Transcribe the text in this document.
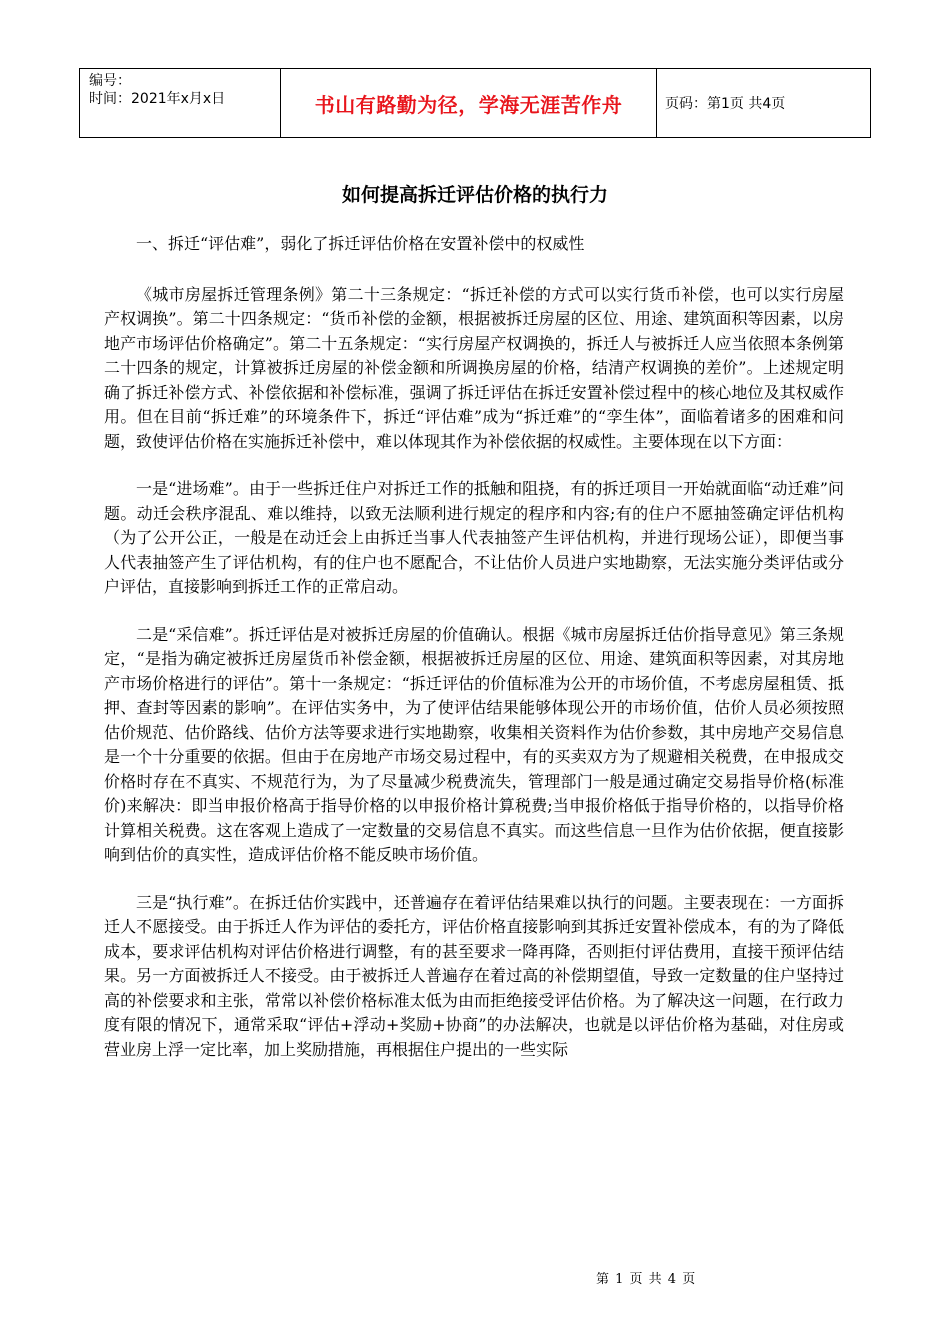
编号：
时间：2021年x月x日	书山有路勤为径，学海无涯苦作舟	页码：第1页 共4页
如何提高拆迁评估价格的执行力

一、拆迁“评估难”，弱化了拆迁评估价格在安置补偿中的权威性

《城市房屋拆迁管理条例》第二十三条规定：“拆迁补偿的方式可以实行货币补偿，也可以实行房屋产权调换”。第二十四条规定：“货币补偿的金额，根据被拆迁房屋的区位、用途、建筑面积等因素，以房地产市场评估价格确定”。第二十五条规定：“实行房屋产权调换的，拆迁人与被拆迁人应当依照本条例第二十四条的规定，计算被拆迁房屋的补偿金额和所调换房屋的价格，结清产权调换的差价”。上述规定明确了拆迁补偿方式、补偿依据和补偿标准，强调了拆迁评估在拆迁安置补偿过程中的核心地位及其权威作用。但在目前“拆迁难”的环境条件下，拆迁“评估难”成为“拆迁难”的“孪生体”，面临着诸多的困难和问题，致使评估价格在实施拆迁补偿中，难以体现其作为补偿依据的权威性。主要体现在以下方面：

一是“进场难”。由于一些拆迁住户对拆迁工作的抵触和阻挠，有的拆迁项目一开始就面临“动迁难”问题。动迁会秩序混乱、难以维持，以致无法顺利进行规定的程序和内容;有的住户不愿抽签确定评估机构（为了公开公正，一般是在动迁会上由拆迁当事人代表抽签产生评估机构，并进行现场公证），即便当事人代表抽签产生了评估机构，有的住户也不愿配合，不让估价人员进户实地勘察，无法实施分类评估或分户评估，直接影响到拆迁工作的正常启动。

二是“采信难”。拆迁评估是对被拆迁房屋的价值确认。根据《城市房屋拆迁估价指导意见》第三条规定，“是指为确定被拆迁房屋货币补偿金额，根据被拆迁房屋的区位、用途、建筑面积等因素，对其房地产市场价格进行的评估”。第十一条规定：“拆迁评估的价值标准为公开的市场价值，不考虑房屋租赁、抵押、查封等因素的影响”。在评估实务中，为了使评估结果能够体现公开的市场价值，估价人员必须按照估价规范、估价路线、估价方法等要求进行实地勘察，收集相关资料作为估价参数，其中房地产交易信息是一个十分重要的依据。但由于在房地产市场交易过程中，有的买卖双方为了规避相关税费，在申报成交价格时存在不真实、不规范行为，为了尽量减少税费流失，管理部门一般是通过确定交易指导价格(标准价)来解决：即当申报价格高于指导价格的以申报价格计算税费;当申报价格低于指导价格的，以指导价格计算相关税费。这在客观上造成了一定数量的交易信息不真实。而这些信息一旦作为估价依据，便直接影响到估价的真实性，造成评估价格不能反映市场价值。

三是“执行难”。在拆迁估价实践中，还普遍存在着评估结果难以执行的问题。主要表现在：一方面拆迁人不愿接受。由于拆迁人作为评估的委托方，评估价格直接影响到其拆迁安置补偿成本，有的为了降低成本，要求评估机构对评估价格进行调整，有的甚至要求一降再降，否则拒付评估费用，直接干预评估结果。另一方面被拆迁人不接受。由于被拆迁人普遍存在着过高的补偿期望值，导致一定数量的住户坚持过高的补偿要求和主张，常常以补偿价格标准太低为由而拒绝接受评估价格。为了解决这一问题，在行政力度有限的情况下，通常采取“评估+浮动+奖励+协商”的办法解决，也就是以评估价格为基础，对住房或营业房上浮一定比率，加上奖励措施，再根据住户提出的一些实际

第 1 页 共 4 页
